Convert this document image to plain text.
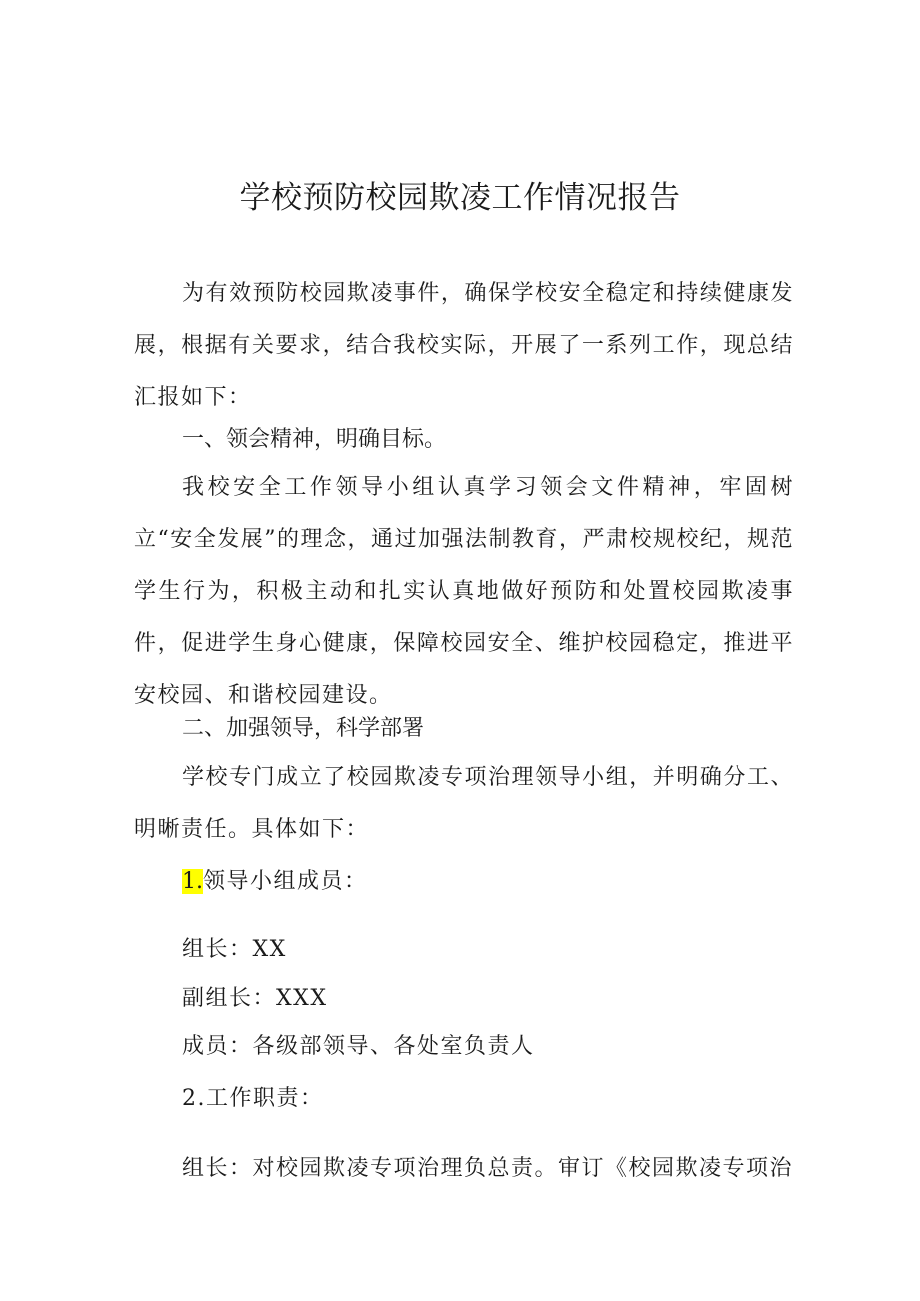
学校预防校园欺凌工作情况报告

为有效预防校园欺凌事件，确保学校安全稳定和持续健康发展，根据有关要求，结合我校实际，开展了一系列工作，现总结汇报如下：

一、领会精神，明确目标。

我校安全工作领导小组认真学习领会文件精神，牢固树立“安全发展”的理念，通过加强法制教育，严肃校规校纪，规范学生行为，积极主动和扎实认真地做好预防和处置校园欺凌事件，促进学生身心健康，保障校园安全、维护校园稳定，推进平安校园、和谐校园建设。

二、加强领导，科学部署

学校专门成立了校园欺凌专项治理领导小组，并明确分工、明晰责任。具体如下：

1.领导小组成员：

组长：XX

副组长：XXX

成员：各级部领导、各处室负责人

2.工作职责：

组长：对校园欺凌专项治理负总责。审订《校园欺凌专项治
